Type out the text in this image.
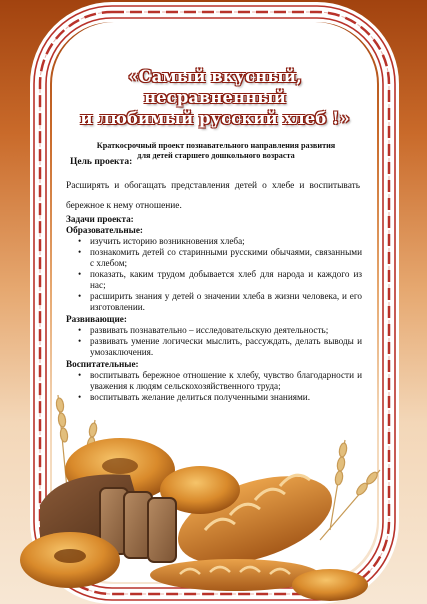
«Самый вкусный, несравненный
и любимый русский хлеб !»
Краткосрочный проект познавательного направления развития
для детей старшего дошкольного возраста
Цель проекта:
Расширять и обогащать представления детей о хлебе и воспитывать бережное к нему отношение.
Задачи проекта:
Образовательные:
• изучить историю возникновения хлеба;
• познакомить детей со старинными русскими обычаями, связанными с хлебом;
• показать, каким трудом добывается хлеб для народа и каждого из нас;
• расширить знания у детей о значении хлеба в жизни человека, и его изготовлении.
Развивающие:
• развивать познавательно – исследовательскую деятельность;
• развивать умение логически мыслить, рассуждать, делать выводы и умозаключения.
Воспитательные:
• воспитывать бережное отношение к хлебу, чувство благодарности и уважения к людям сельскохозяйственного труда;
• воспитывать желание делиться полученными знаниями.
